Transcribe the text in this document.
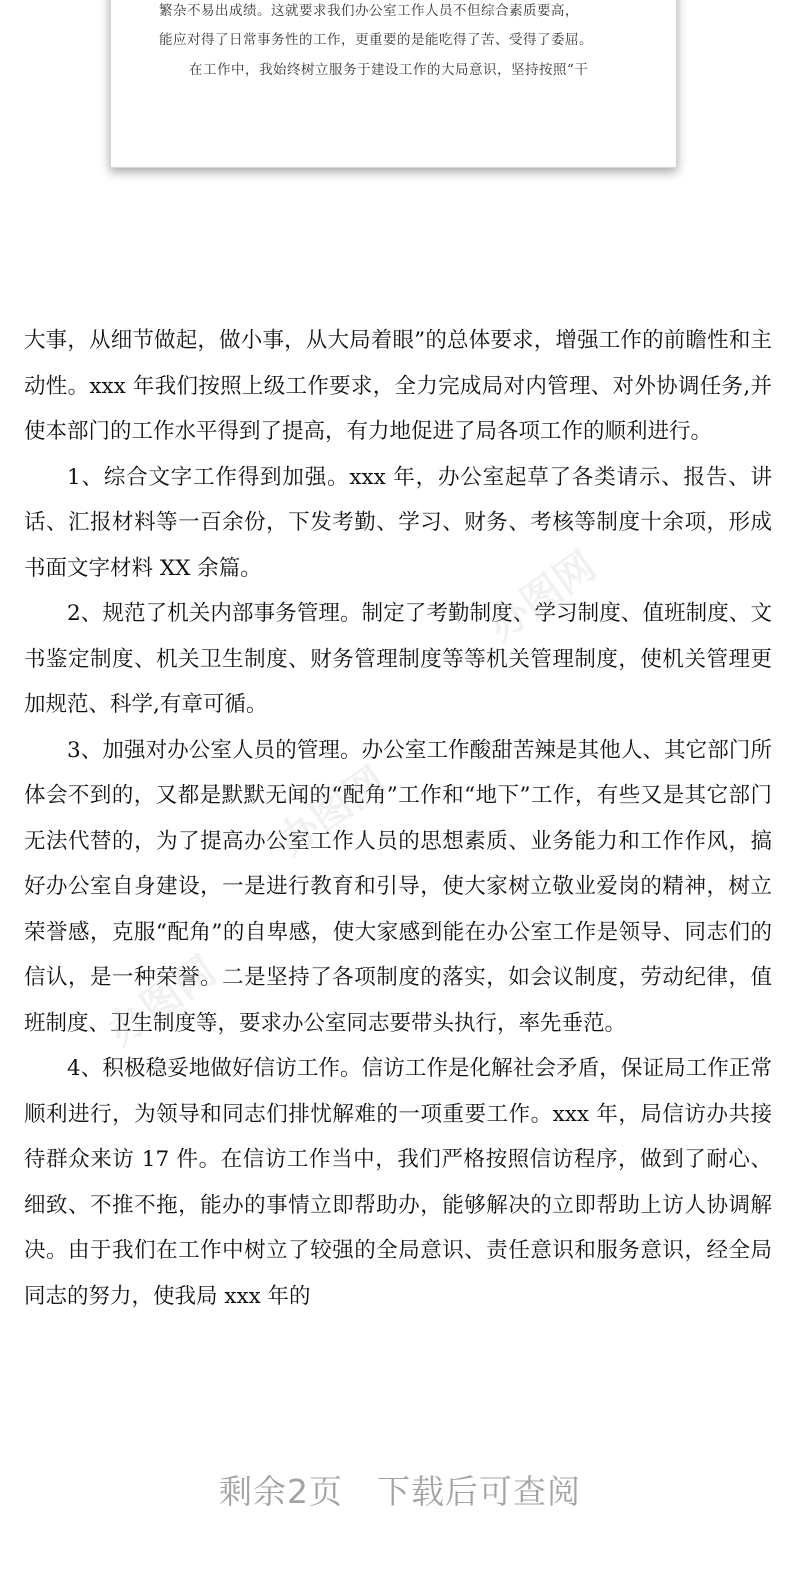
繁杂不易出成绩。这就要求我们办公室工作人员不但综合素质要高，
能应对得了日常事务性的工作，更重要的是能吃得了苦、受得了委屈。
在工作中，我始终树立服务于建设工作的大局意识，坚持按照“干

大事，从细节做起，做小事，从大局着眼”的总体要求，增强工作的前瞻性和主动性。xxx 年我们按照上级工作要求，全力完成局对内管理、对外协调任务,并使本部门的工作水平得到了提高，有力地促进了局各项工作的顺利进行。

1、综合文字工作得到加强。xxx 年，办公室起草了各类请示、报告、讲话、汇报材料等一百余份，下发考勤、学习、财务、考核等制度十余项，形成书面文字材料 XX 余篇。

2、规范了机关内部事务管理。制定了考勤制度、学习制度、值班制度、文书鉴定制度、机关卫生制度、财务管理制度等等机关管理制度，使机关管理更加规范、科学,有章可循。

3、加强对办公室人员的管理。办公室工作酸甜苦辣是其他人、其它部门所体会不到的，又都是默默无闻的“配角”工作和“地下”工作，有些又是其它部门无法代替的，为了提高办公室工作人员的思想素质、业务能力和工作作风，搞好办公室自身建设，一是进行教育和引导，使大家树立敬业爱岗的精神，树立荣誉感，克服“配角”的自卑感，使大家感到能在办公室工作是领导、同志们的信认，是一种荣誉。二是坚持了各项制度的落实，如会议制度，劳动纪律，值班制度、卫生制度等，要求办公室同志要带头执行，率先垂范。

4、积极稳妥地做好信访工作。信访工作是化解社会矛盾，保证局工作正常顺利进行，为领导和同志们排忧解难的一项重要工作。xxx 年，局信访办共接待群众来访 17 件。在信访工作当中，我们严格按照信访程序，做到了耐心、细致、不推不拖，能办的事情立即帮助办，能够解决的立即帮助上访人协调解决。由于我们在工作中树立了较强的全局意识、责任意识和服务意识，经全局同志的努力，使我局 xxx 年的

办图网
办图网
办图网
剩余2页 下载后可查阅
